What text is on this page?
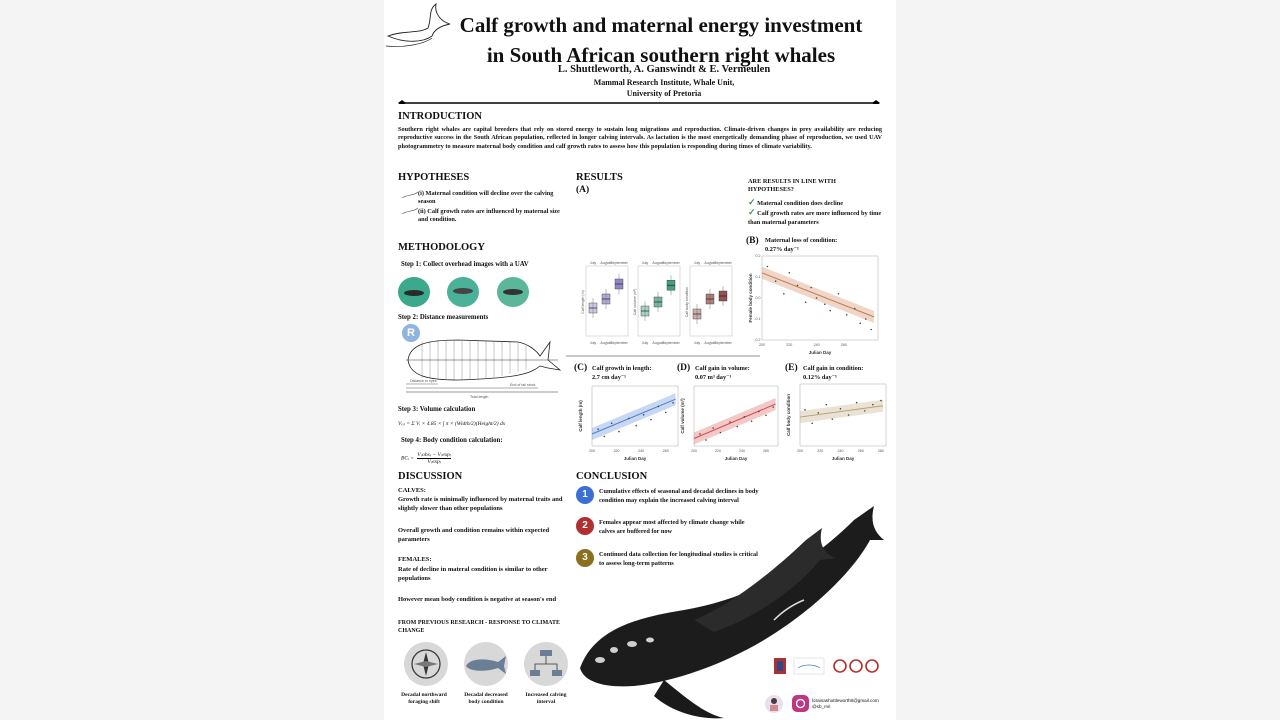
Calf growth and maternal energy investment
in South African southern right whales
L. Shuttleworth, A. Ganswindt & E. Vermeulen
Mammal Research Institute, Whale Unit,
University of Pretoria
INTRODUCTION
Southern right whales are capital breeders that rely on stored energy to sustain long migrations and reproduction. Climate-driven changes in prey availability are reducing reproductive success in the South African population, reflected in longer calving intervals. As lactation is the most energetically demanding phase of reproduction, we used UAV photogrammetry to measure maternal body condition and calf growth rates to assess how this population is responding during times of climate variability.
HYPOTHESES
(i) Maternal condition will decline over the calving season
(ii) Calf growth rates are influenced by maternal size and condition.
METHODOLOGY
Step 1: Collect overhead images with a UAV
Step 2: Distance measurements
R
Distance to eyes
End of tail stock
Total length
Step 3: Volume calculation
V₍ᵢ₎ = Σ Vᵢ × 4.85 × ∫ π × (Width/2)(Height/2) dx
Step 4: Body condition calculation:
BCᵢ =
V₍obs₎ − V₍exp₎
V₍exp₎
DISCUSSION
CALVES:
Growth rate is minimally influenced by maternal traits and slightly slower than other populations
Overall growth and condition remains within expected parameters
FEMALES:
Rate of decline in materal condition is similar to other populations
However mean body condition is negative at season's end
FROM PREVIOUS RESEARCH - RESPONSE TO CLIMATE CHANGE
Decadal northward foraging shift
Decadal decreased body condition
Increased calving interval
RESULTS
(A)
ARE RESULTS IN LINE WITH
HYPOTHESES?
✓ Maternal condition does decline
✓ Calf growth rates are more influenced by time than maternal parameters
Calf length (m)
July
July
August
August
September
September
Calf volume (m³)
July
July
August
August
September
September
Calf body condition
July
July
August
August
September
September
(B) Maternal loss of condition:
0.27% day⁻¹
200	220	240	260
0.2
0.1
0.0
-0.1
-0.2
Julian Day
Female body condition
(C) Calf growth in length:
2.7 cm day⁻¹
200	220	240	260
Julian Day
Calf length (m)
(D) Calf gain in volume:
0.07 m³ day⁻¹
200	220	240	260
Julian Day
Calf volume (m³)
(E) Calf gain in condition:
0.12% day⁻¹
200	220	240	260	280
Julian Day
Calf body condition
CONCLUSION
1	Cumulative effects of seasonal and decadal declines in body condition may explain the increased calving interval
2	Females appear most affected by climate change while calves are buffered for now
3	Continued data collection for longitudinal studies is critical to assess long-term patterns
lorainashuttleworth8@gmail.com
@sb_mri
